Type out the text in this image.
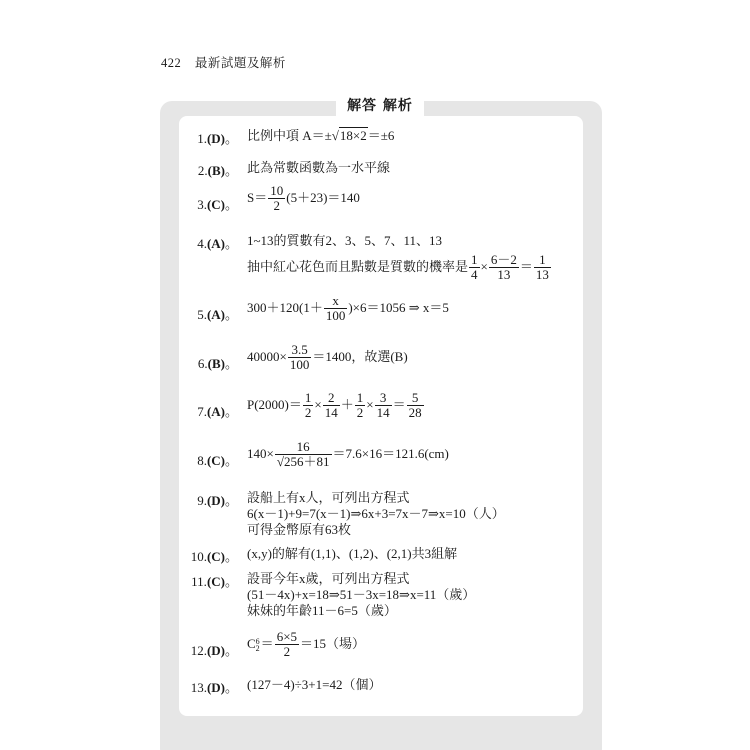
422 最新試題及解析
解答 解析
1.(D)。 比例中項 A＝±√18×2＝±6
2.(B)。 此為常數函數為一水平線
3.(C)。 $S= \frac{10}{2} (5+23)=140$
4.(A)。 1~13的質數有2、3、5、7、11、13
抽中紅心花色而且點數是質數的機率是 $\frac{1}{4} \times \frac{6-2}{13} = \frac{1}{13}$
5.(A)。 $300+120(1+ \frac{x}{100} )\times 6=1056$ ⇒ x＝5
6.(B)。 $40000\times \frac{3.5}{100} =1400$，故選(B)
7.(A)。 $P(2000)= \frac{1}{2} \times \frac{2}{14} + \frac{1}{2} \times \frac{3}{14} = \frac{5}{28}$
8.(C)。 $140\times \frac{16}{√256+81} =7.6\times 16=121.6(cm)$
9.(D)。 設船上有x人，可列出方程式
6(x－1)+9=7(x－1)⇒6x+3=7x－7⇒x=10（人）
可得金幣原有63枚
10.(C)。 (x,y)的解有(1,1)、(1,2)、(2,1)共3組解
11.(C)。 設哥今年x歲，可列出方程式
(51－4x)+x=18⇒51－3x=18⇒x=11（歲）
妹妹的年齡11－6=5（歲）
12.(D)。 C 6
$2 = \frac{6\times 5}{2} =15$（場）
13.(D)。 (127－4)÷3+1=42（個）
